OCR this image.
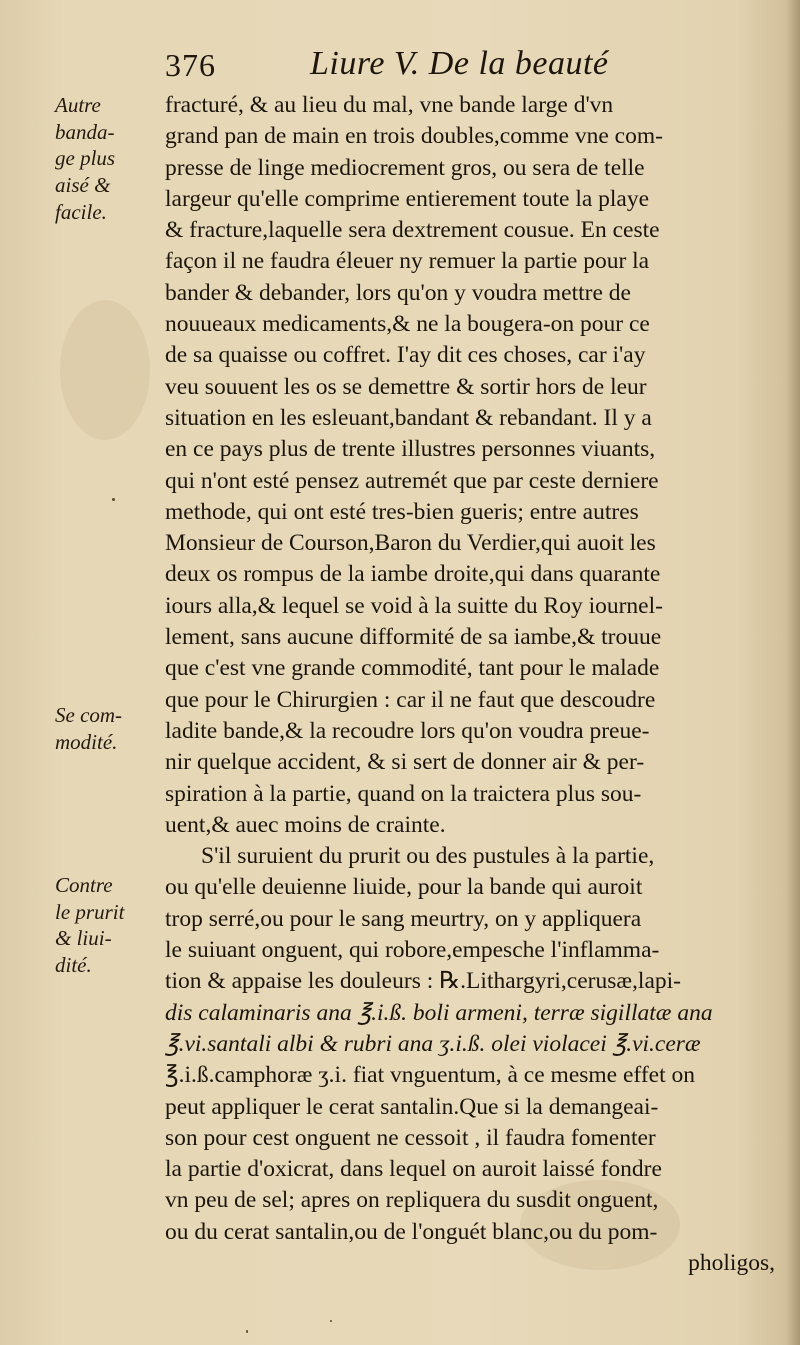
376	Liure V. De la beauté
Autre
banda-
ge plus
aisé &
facile.
Se com-
modité.
Contre
le prurit
& liui-
dité.
fracturé, & au lieu du mal, vne bande large d'vn
grand pan de main en trois doubles,comme vne com-
presse de linge mediocrement gros, ou sera de telle
largeur qu'elle comprime entierement toute la playe
& fracture,laquelle sera dextrement cousue. En ceste
façon il ne faudra éleuer ny remuer la partie pour la
bander & debander, lors qu'on y voudra mettre de
nouueaux medicaments,& ne la bougera-on pour ce
de sa quaisse ou coffret. I'ay dit ces choses, car i'ay
veu souuent les os se demettre & sortir hors de leur
situation en les esleuant,bandant & rebandant. Il y a
en ce pays plus de trente illustres personnes viuants,
qui n'ont esté pensez autremét que par ceste derniere
methode, qui ont esté tres-bien gueris; entre autres
Monsieur de Courson,Baron du Verdier,qui auoit les
deux os rompus de la iambe droite,qui dans quarante
iours alla,& lequel se void à la suitte du Roy iournel-
lement, sans aucune difformité de sa iambe,& trouue
que c'est vne grande commodité, tant pour le malade
que pour le Chirurgien : car il ne faut que descoudre
ladite bande,& la recoudre lors qu'on voudra preue-
nir quelque accident, & si sert de donner air & per-
spiration à la partie, quand on la traictera plus sou-
uent,& auec moins de crainte.
S'il suruient du prurit ou des pustules à la partie,
ou qu'elle deuienne liuide, pour la bande qui auroit
trop serré,ou pour le sang meurtry, on y appliquera
le suiuant onguent, qui robore,empesche l'inflamma-
tion & appaise les douleurs : ℞.Lithargyri,cerusæ,lapi-
dis calaminaris ana ℥.i.ß. boli armeni, terræ sigillatæ ana
℥.vi.santali albi & rubri ana ʒ.i.ß. olei violacei ℥.vi.ceræ
℥.i.ß.camphoræ ʒ.i. fiat vnguentum, à ce mesme effet on
peut appliquer le cerat santalin.Que si la demangeai-
son pour cest onguent ne cessoit , il faudra fomenter
la partie d'oxicrat, dans lequel on auroit laissé fondre
vn peu de sel; apres on repliquera du susdit onguent,
ou du cerat santalin,ou de l'onguét blanc,ou du pom-
pholigos,
